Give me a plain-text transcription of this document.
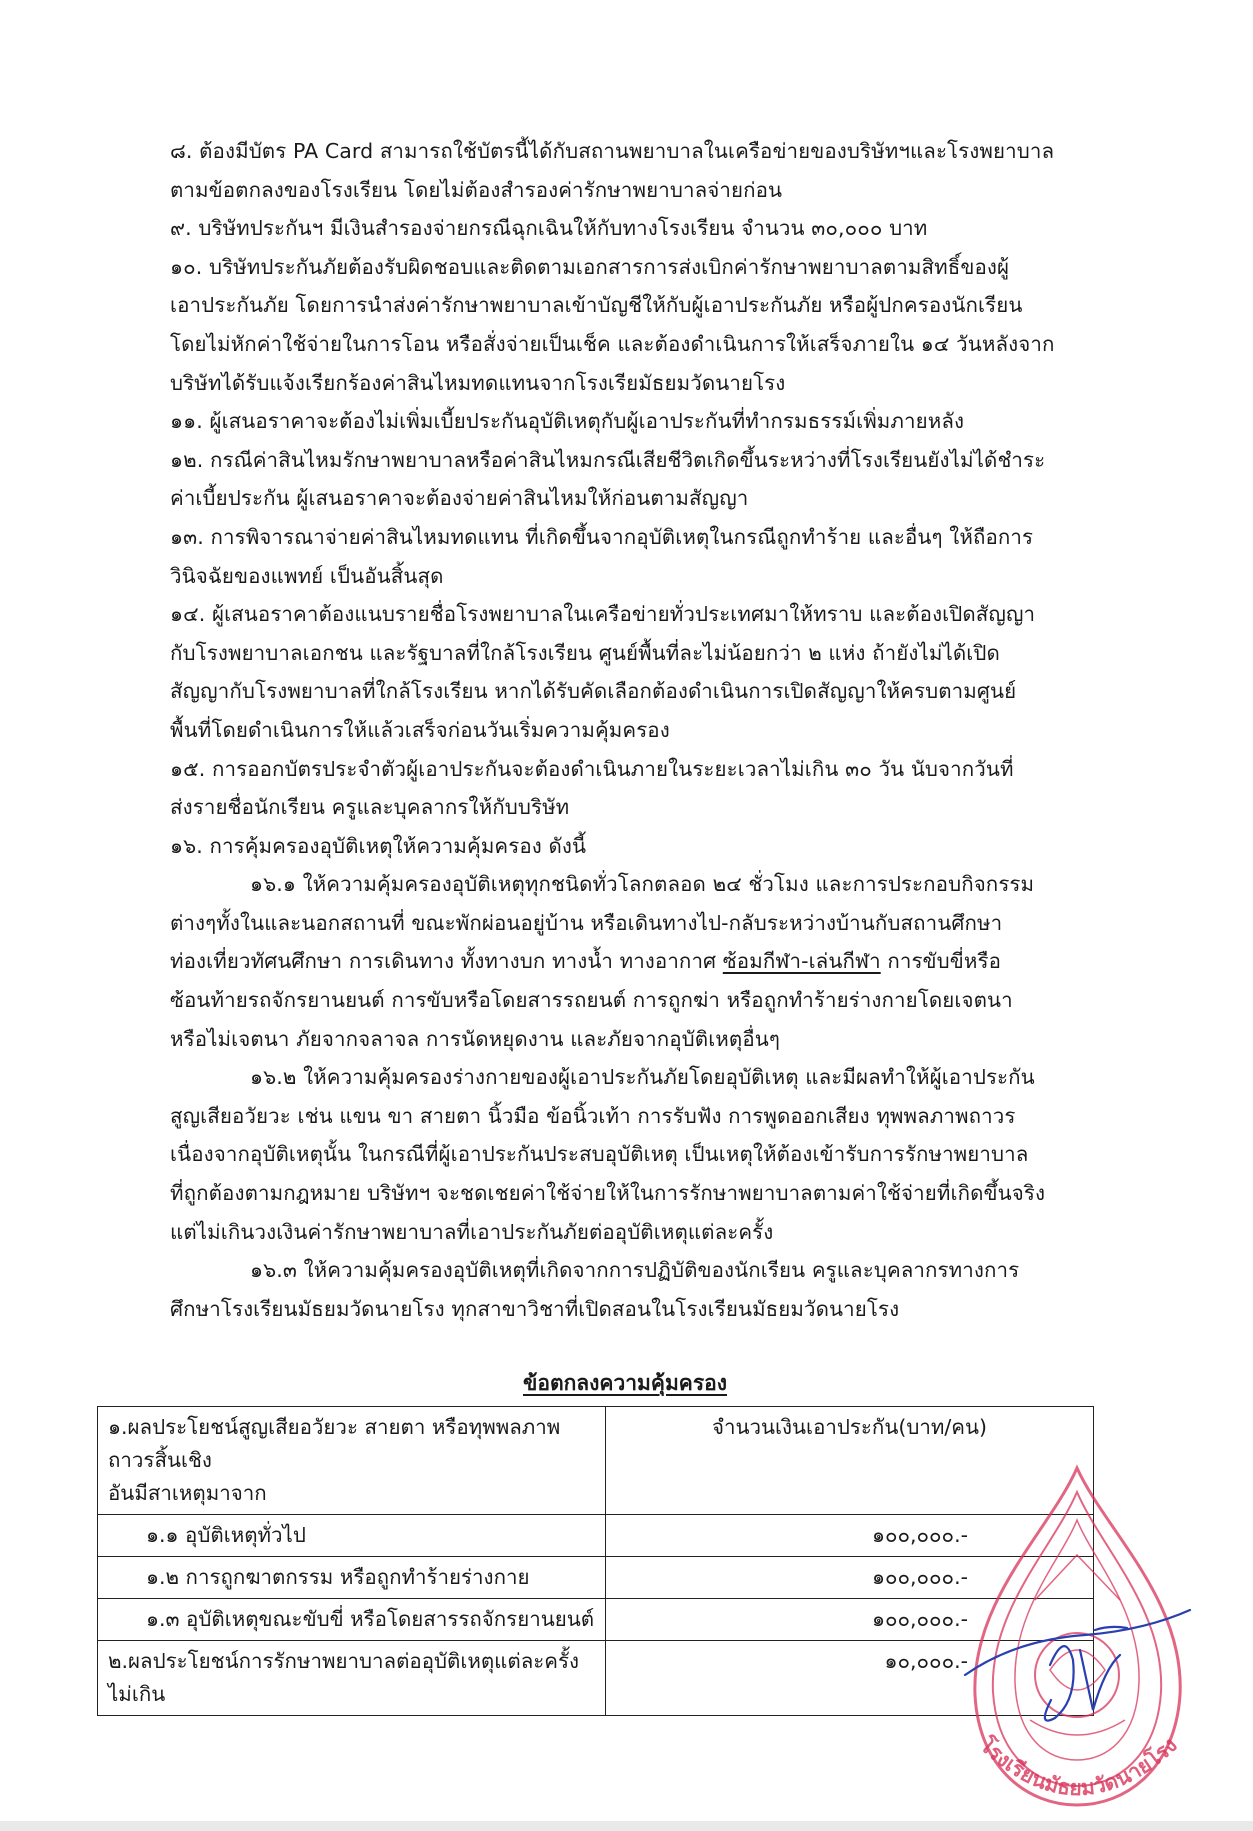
๘. ต้องมีบัตร PA Card สามารถใช้บัตรนี้ได้กับสถานพยาบาลในเครือข่ายของบริษัทฯและโรงพยาบาล
ตามข้อตกลงของโรงเรียน โดยไม่ต้องสำรองค่ารักษาพยาบาลจ่ายก่อน
๙. บริษัทประกันฯ มีเงินสำรองจ่ายกรณีฉุกเฉินให้กับทางโรงเรียน จำนวน ๓๐,๐๐๐ บาท
๑๐. บริษัทประกันภัยต้องรับผิดชอบและติดตามเอกสารการส่งเบิกค่ารักษาพยาบาลตามสิทธิ์ของผู้
เอาประกันภัย โดยการนำส่งค่ารักษาพยาบาลเข้าบัญชีให้กับผู้เอาประกันภัย หรือผู้ปกครองนักเรียน
โดยไม่หักค่าใช้จ่ายในการโอน หรือสั่งจ่ายเป็นเช็ค และต้องดำเนินการให้เสร็จภายใน ๑๔ วันหลังจาก
บริษัทได้รับแจ้งเรียกร้องค่าสินไหมทดแทนจากโรงเรียมัธยมวัดนายโรง
๑๑. ผู้เสนอราคาจะต้องไม่เพิ่มเบี้ยประกันอุบัติเหตุกับผู้เอาประกันที่ทำกรมธรรม์เพิ่มภายหลัง
๑๒. กรณีค่าสินไหมรักษาพยาบาลหรือค่าสินไหมกรณีเสียชีวิตเกิดขึ้นระหว่างที่โรงเรียนยังไม่ได้ชำระ
ค่าเบี้ยประกัน ผู้เสนอราคาจะต้องจ่ายค่าสินไหมให้ก่อนตามสัญญา
๑๓. การพิจารณาจ่ายค่าสินไหมทดแทน ที่เกิดขึ้นจากอุบัติเหตุในกรณีถูกทำร้าย และอื่นๆ ให้ถือการ
วินิจฉัยของแพทย์ เป็นอันสิ้นสุด
๑๔. ผู้เสนอราคาต้องแนบรายชื่อโรงพยาบาลในเครือข่ายทั่วประเทศมาให้ทราบ และต้องเปิดสัญญา
กับโรงพยาบาลเอกชน และรัฐบาลที่ใกล้โรงเรียน ศูนย์พื้นที่ละไม่น้อยกว่า ๒ แห่ง ถ้ายังไม่ได้เปิด
สัญญากับโรงพยาบาลที่ใกล้โรงเรียน หากได้รับคัดเลือกต้องดำเนินการเปิดสัญญาให้ครบตามศูนย์
พื้นที่โดยดำเนินการให้แล้วเสร็จก่อนวันเริ่มความคุ้มครอง
๑๕. การออกบัตรประจำตัวผู้เอาประกันจะต้องดำเนินภายในระยะเวลาไม่เกิน ๓๐ วัน นับจากวันที่
ส่งรายชื่อนักเรียน ครูและบุคลากรให้กับบริษัท
๑๖. การคุ้มครองอุบัติเหตุให้ความคุ้มครอง ดังนี้
๑๖.๑ ให้ความคุ้มครองอุบัติเหตุทุกชนิดทั่วโลกตลอด ๒๔ ชั่วโมง และการประกอบกิจกรรม
ต่างๆทั้งในและนอกสถานที่ ขณะพักผ่อนอยู่บ้าน หรือเดินทางไป-กลับระหว่างบ้านกับสถานศึกษา
ท่องเที่ยวทัศนศึกษา การเดินทาง ทั้งทางบก ทางน้ำ ทางอากาศ ซ้อมกีฬา-เล่นกีฬา การขับขี่หรือ
ซ้อนท้ายรถจักรยานยนต์ การขับหรือโดยสารรถยนต์ การถูกฆ่า หรือถูกทำร้ายร่างกายโดยเจตนา
หรือไม่เจตนา ภัยจากจลาจล การนัดหยุดงาน และภัยจากอุบัติเหตุอื่นๆ
๑๖.๒ ให้ความคุ้มครองร่างกายของผู้เอาประกันภัยโดยอุบัติเหตุ และมีผลทำให้ผู้เอาประกัน
สูญเสียอวัยวะ เช่น แขน ขา สายตา นิ้วมือ ข้อนิ้วเท้า การรับฟัง การพูดออกเสียง ทุพพลภาพถาวร
เนื่องจากอุบัติเหตุนั้น ในกรณีที่ผู้เอาประกันประสบอุบัติเหตุ เป็นเหตุให้ต้องเข้ารับการรักษาพยาบาล
ที่ถูกต้องตามกฎหมาย บริษัทฯ จะชดเชยค่าใช้จ่ายให้ในการรักษาพยาบาลตามค่าใช้จ่ายที่เกิดขึ้นจริง
แต่ไม่เกินวงเงินค่ารักษาพยาบาลที่เอาประกันภัยต่ออุบัติเหตุแต่ละครั้ง
๑๖.๓ ให้ความคุ้มครองอุบัติเหตุที่เกิดจากการปฏิบัติของนักเรียน ครูและบุคลากรทางการ
ศึกษาโรงเรียนมัธยมวัดนายโรง ทุกสาขาวิชาที่เปิดสอนในโรงเรียนมัธยมวัดนายโรง
ข้อตกลงความคุ้มครอง
๑.ผลประโยชน์สูญเสียอวัยวะ สายตา หรือทุพพลภาพถาวรสิ้นเชิง
อันมีสาเหตุมาจาก	จำนวนเงินเอาประกัน(บาท/คน)
๑.๑ อุบัติเหตุทั่วไป	๑๐๐,๐๐๐.-
๑.๒ การถูกฆาตกรรม หรือถูกทำร้ายร่างกาย	๑๐๐,๐๐๐.-
๑.๓ อุบัติเหตุขณะขับขี่ หรือโดยสารรถจักรยานยนต์	๑๐๐,๐๐๐.-
๒.ผลประโยชน์การรักษาพยาบาลต่ออุบัติเหตุแต่ละครั้ง ไม่เกิน	๑๐,๐๐๐.-
โรงเรียนมัธยมวัดนายโรง
